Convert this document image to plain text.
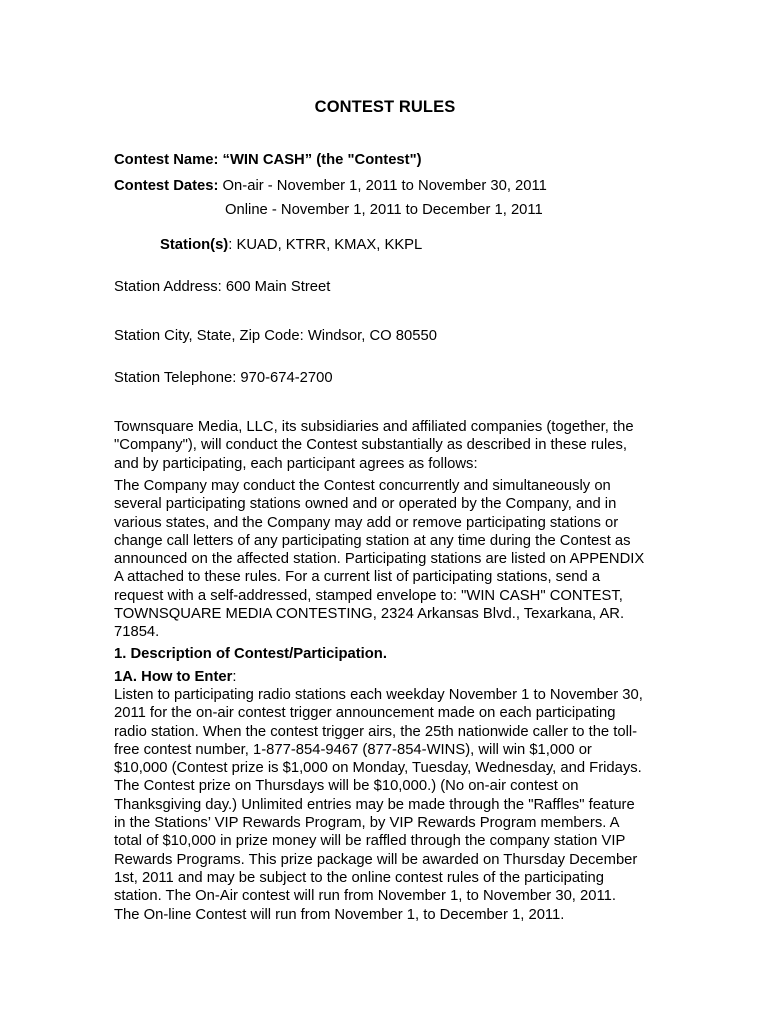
CONTEST RULES
Contest Name: “WIN CASH” (the "Contest")
Contest Dates: On-air - November 1, 2011 to November 30, 2011
Online - November 1, 2011 to December 1, 2011
Station(s): KUAD, KTRR, KMAX, KKPL
Station Address: 600 Main Street
Station City, State, Zip Code: Windsor, CO 80550
Station Telephone: 970-674-2700
Townsquare Media, LLC, its subsidiaries and affiliated companies (together, the
"Company"), will conduct the Contest substantially as described in these rules,
and by participating, each participant agrees as follows:
The Company may conduct the Contest concurrently and simultaneously on
several participating stations owned and or operated by the Company, and in
various states, and the Company may add or remove participating stations or
change call letters of any participating station at any time during the Contest as
announced on the affected station. Participating stations are listed on APPENDIX
A attached to these rules. For a current list of participating stations, send a
request with a self-addressed, stamped envelope to: "WIN CASH" CONTEST,
TOWNSQUARE MEDIA CONTESTING, 2324 Arkansas Blvd., Texarkana, AR.
71854.
1. Description of Contest/Participation.
1A. How to Enter:
Listen to participating radio stations each weekday November 1 to November 30,
2011 for the on-air contest trigger announcement made on each participating
radio station. When the contest trigger airs, the 25th nationwide caller to the toll-
free contest number, 1-877-854-9467 (877-854-WINS), will win $1,000 or
$10,000 (Contest prize is $1,000 on Monday, Tuesday, Wednesday, and Fridays.
The Contest prize on Thursdays will be $10,000.) (No on-air contest on
Thanksgiving day.) Unlimited entries may be made through the "Raffles" feature
in the Stations’ VIP Rewards Program, by VIP Rewards Program members. A
total of $10,000 in prize money will be raffled through the company station VIP
Rewards Programs. This prize package will be awarded on Thursday December
1st, 2011 and may be subject to the online contest rules of the participating
station. The On-Air contest will run from November 1, to November 30, 2011.
The On-line Contest will run from November 1, to December 1, 2011.
